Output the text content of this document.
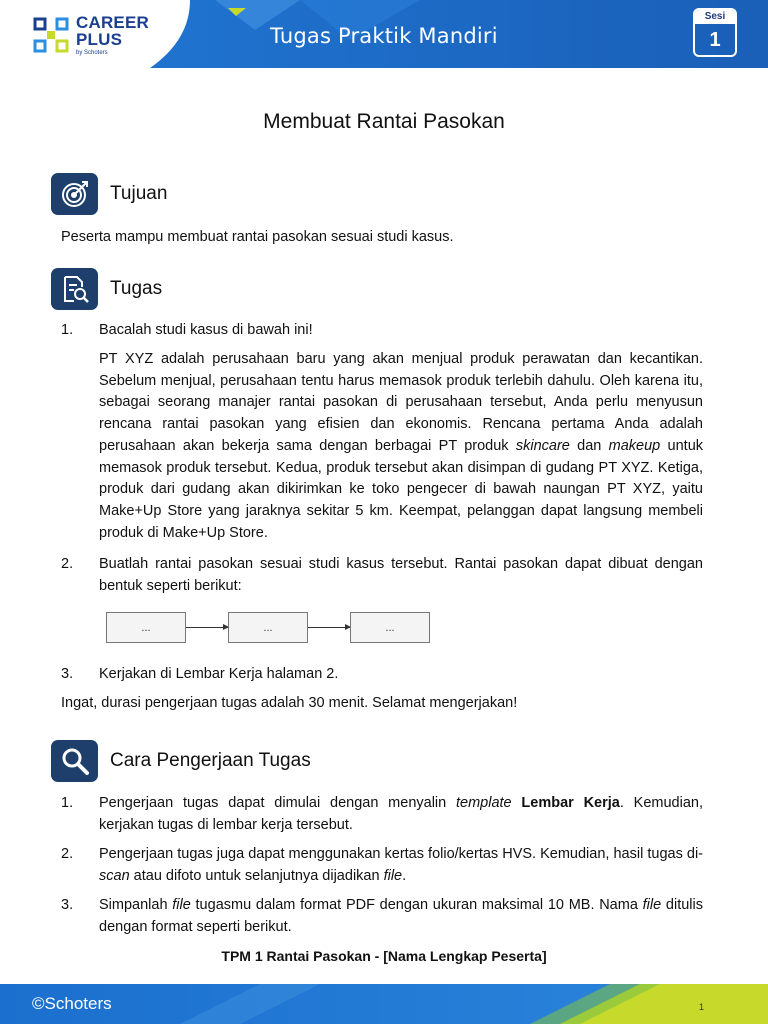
CAREER
PLUS
by Schoters
Tugas Praktik Mandiri
Sesi
1
Membuat Rantai Pasokan
Tujuan
Peserta mampu membuat rantai pasokan sesuai studi kasus.
Tugas
1. Bacalah studi kasus di bawah ini!
PT XYZ adalah perusahaan baru yang akan menjual produk perawatan dan kecantikan. Sebelum menjual, perusahaan tentu harus memasok produk terlebih dahulu. Oleh karena itu, sebagai seorang manajer rantai pasokan di perusahaan tersebut, Anda perlu menyusun rencana rantai pasokan yang efisien dan ekonomis. Rencana pertama Anda adalah perusahaan akan bekerja sama dengan berbagai PT produk skincare dan makeup untuk memasok produk tersebut. Kedua, produk tersebut akan disimpan di gudang PT XYZ. Ketiga, produk dari gudang akan dikirimkan ke toko pengecer di bawah naungan PT XYZ, yaitu Make+Up Store yang jaraknya sekitar 5 km. Keempat, pelanggan dapat langsung membeli produk di Make+Up Store.
2. Buatlah rantai pasokan sesuai studi kasus tersebut. Rantai pasokan dapat dibuat dengan bentuk seperti berikut:
...	...	...
3. Kerjakan di Lembar Kerja halaman 2.
Ingat, durasi pengerjaan tugas adalah 30 menit. Selamat mengerjakan!
Cara Pengerjaan Tugas
1. Pengerjaan tugas dapat dimulai dengan menyalin template Lembar Kerja. Kemudian, kerjakan tugas di lembar kerja tersebut.
2. Pengerjaan tugas juga dapat menggunakan kertas folio/kertas HVS. Kemudian, hasil tugas di-scan atau difoto untuk selanjutnya dijadikan file.
3. Simpanlah file tugasmu dalam format PDF dengan ukuran maksimal 10 MB. Nama file ditulis dengan format seperti berikut.
TPM 1 Rantai Pasokan - [Nama Lengkap Peserta]
©Schoters	1
